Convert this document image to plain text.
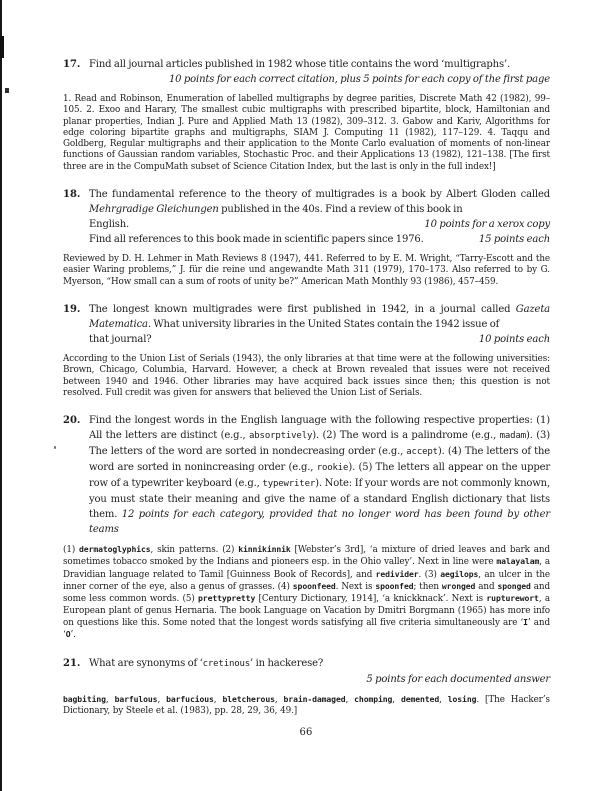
17. Find all journal articles published in 1982 whose title contains the word ‘multigraphs’.
10 points for each correct citation, plus 5 points for each copy of the first page
1. Read and Robinson, Enumeration of labelled multigraphs by degree parities, Discrete Math 42 (1982), 99–105. 2. Exoo and Harary, The smallest cubic multigraphs with prescribed bipartite, block, Hamiltonian and planar properties, Indian J. Pure and Applied Math 13 (1982), 309–312. 3. Gabow and Kariv, Algorithms for edge coloring bipartite graphs and multigraphs, SIAM J. Computing 11 (1982), 117–129. 4. Taqqu and Goldberg, Regular multigraphs and their application to the Monte Carlo evaluation of moments of non-linear functions of Gaussian random variables, Stochastic Proc. and their Applications 13 (1982), 121–138. [The first three are in the CompuMath subset of Science Citation Index, but the last is only in the full index!]
18. The fundamental reference to the theory of multigrades is a book by Albert Gloden called Mehrgradige Gleichungen published in the 40s. Find a review of this book in
English.	10 points for a xerox copy
Find all references to this book made in scientific papers since 1976.	15 points each
Reviewed by D. H. Lehmer in Math Reviews 8 (1947), 441. Referred to by E. M. Wright, “Tarry-Escott and the easier Waring problems,” J. für die reine und angewandte Math 311 (1979), 170–173. Also referred to by G. Myerson, “How small can a sum of roots of unity be?” American Math Monthly 93 (1986), 457–459.
19. The longest known multigrades were first published in 1942, in a journal called Gazeta Matematica. What university libraries in the United States contain the 1942 issue of
that journal?	10 points each
According to the Union List of Serials (1943), the only libraries at that time were at the following universities: Brown, Chicago, Columbia, Harvard. However, a check at Brown revealed that issues were not received between 1940 and 1946. Other libraries may have acquired back issues since then; this question is not resolved. Full credit was given for answers that believed the Union List of Serials.
20. Find the longest words in the English language with the following respective properties: (1) All the letters are distinct (e.g., absorptively). (2) The word is a palindrome (e.g., madam). (3) The letters of the word are sorted in nondecreasing order (e.g., accept). (4) The letters of the word are sorted in nonincreasing order (e.g., rookie). (5) The letters all appear on the upper row of a typewriter keyboard (e.g., typewriter). Note: If your words are not commonly known, you must state their meaning and give the name of a standard English dictionary that lists them. 12 points for each category, provided that no longer word has been found by other teams
(1) dermatoglyphics, skin patterns. (2) kinnikinnik [Webster’s 3rd], ‘a mixture of dried leaves and bark and sometimes tobacco smoked by the Indians and pioneers esp. in the Ohio valley’. Next in line were malayalam, a Dravidian language related to Tamil [Guinness Book of Records], and redivider. (3) aegilops, an ulcer in the inner corner of the eye, also a genus of grasses. (4) spoonfeed. Next is spoonfed; then wronged and sponged and some less common words. (5) prettypretty [Century Dictionary, 1914], ‘a knickknack’. Next is rupturewort, a European plant of genus Hernaria. The book Language on Vacation by Dmitri Borgmann (1965) has more info on questions like this. Some noted that the longest words satisfying all five criteria simultaneously are ‘I’ and ‘O’.
21. What are synonyms of ‘cretinous’ in hackerese?
5 points for each documented answer
bagbiting, barfulous, barfucious, bletcherous, brain-damaged, chomping, demented, losing. [The Hacker’s Dictionary, by Steele et al. (1983), pp. 28, 29, 36, 49.]
66
